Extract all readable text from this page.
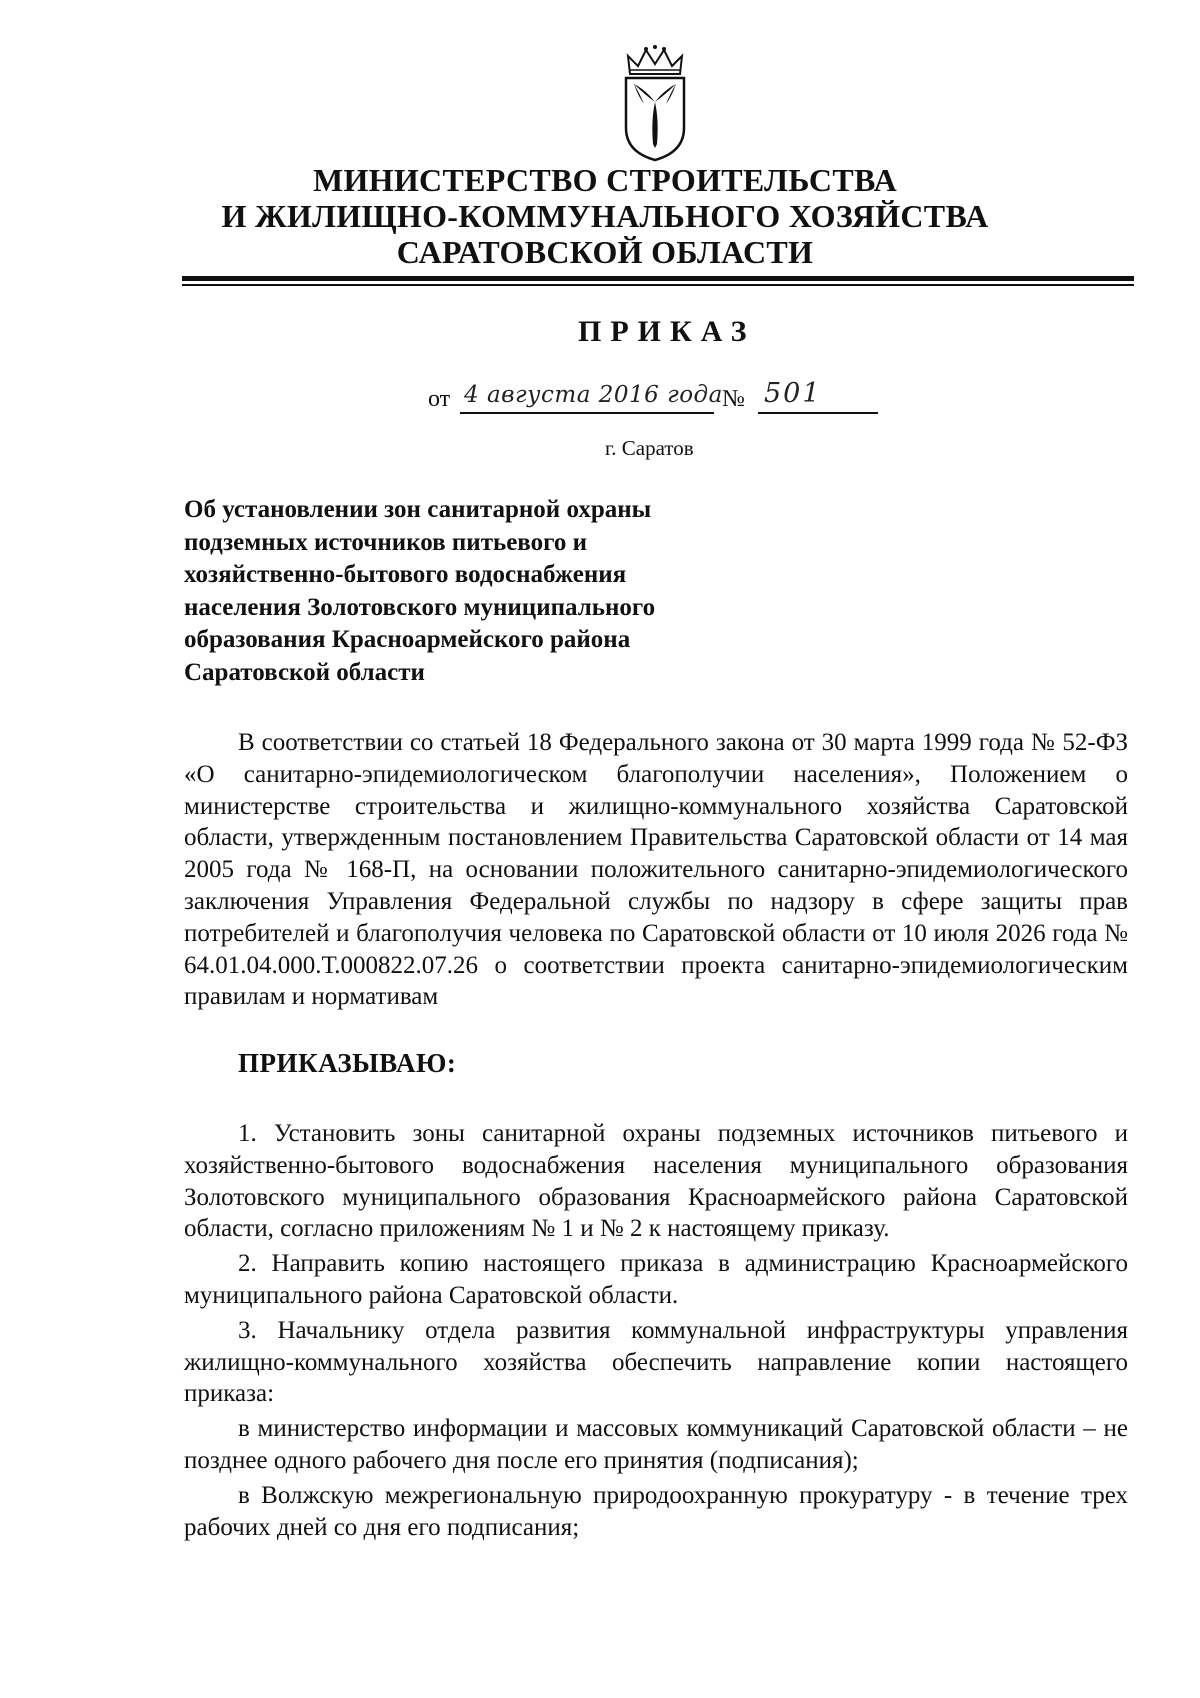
МИНИСТЕРСТВО СТРОИТЕЛЬСТВА
И ЖИЛИЩНО-КОММУНАЛЬНОГО ХОЗЯЙСТВА
САРАТОВСКОЙ ОБЛАСТИ
ПРИКАЗ
от 4 августа 2016 года № 501
г. Саратов
Об установлении зон санитарной охраны
подземных источников питьевого и
хозяйственно-бытового водоснабжения
населения Золотовского муниципального
образования Красноармейского района
Саратовской области

В соответствии со статьей 18 Федерального закона от 30 марта 1999 года № 52-ФЗ «О санитарно-эпидемиологическом благополучии населения», Положением о министерстве строительства и жилищно-коммунального хозяйства Саратовской области, утвержденным постановлением Правительства Саратовской области от 14 мая 2005 года № 168-П, на основании положительного санитарно-эпидемиологического заключения Управления Федеральной службы по надзору в сфере защиты прав потребителей и благополучия человека по Саратовской области от 10 июля 2026 года № 64.01.04.000.Т.000822.07.26 о соответствии проекта санитарно-эпидемиологическим правилам и нормативам

ПРИКАЗЫВАЮ:

1. Установить зоны санитарной охраны подземных источников питьевого и хозяйственно-бытового водоснабжения населения муниципального образования Золотовского муниципального образования Красноармейского района Саратовской области, согласно приложениям № 1 и № 2 к настоящему приказу.

2. Направить копию настоящего приказа в администрацию Красноармейского муниципального района Саратовской области.

3. Начальнику отдела развития коммунальной инфраструктуры управления жилищно-коммунального хозяйства обеспечить направление копии настоящего приказа:

в министерство информации и массовых коммуникаций Саратовской области – не позднее одного рабочего дня после его принятия (подписания);

в Волжскую межрегиональную природоохранную прокуратуру - в течение трех рабочих дней со дня его подписания;
